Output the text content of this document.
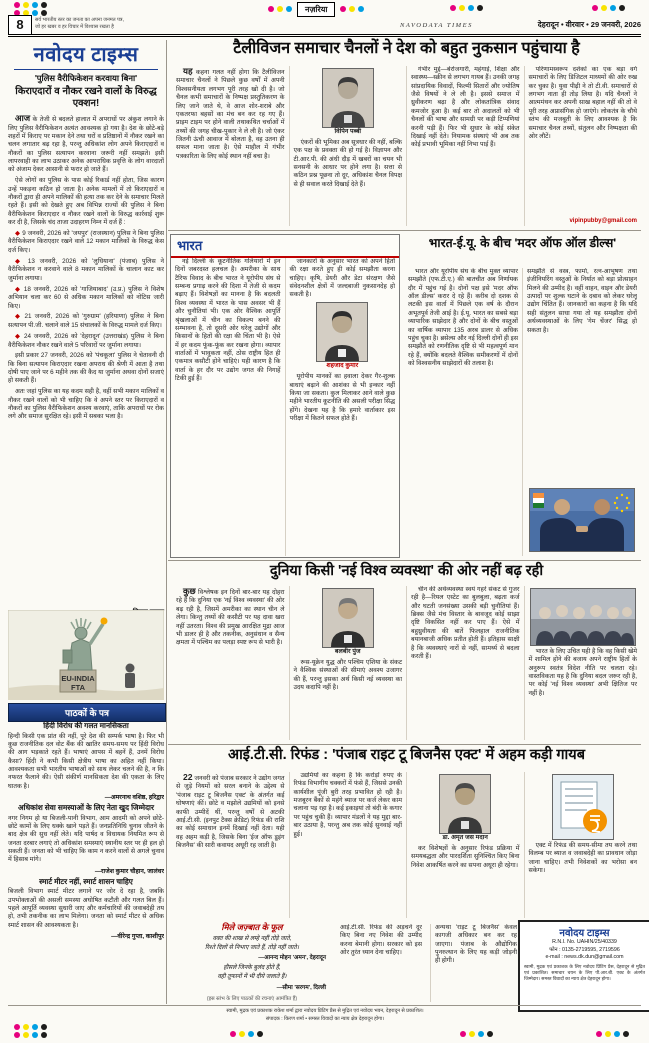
नज़रिया
8	सर्व भारतीय स्तर का जनता का अपना जनमत पत्र,
जो हर खबर व हर विचार में विश्वास रखता है	NAVODAYA TIMES	देहरादून • वीरवार • 29 जनवरी, 2026
नवोदय टाइम्स
'पुलिस वैरीफिकेशन करवाया बिना'
किराएदारों व नौकर रखने वालों के विरुद्ध एक्शन!

आज के तेजी से बदलते हालात में अपराधों पर अंकुश लगाने के लिए पुलिस वैरीफिकेशन अत्यंत आवश्यक हो गया है। देश के छोटे-बड़े शहरों में किराए पर मकान देने तथा घरों व प्रतिष्ठानों में नौकर रखने का चलन लगातार बढ़ रहा है, परन्तु अधिकांश लोग अपने किराएदारों व नौकरों का पुलिस सत्यापन करवाना जरूरी नहीं समझते। इसी लापरवाही का लाभ उठाकर अनेक आपराधिक प्रवृत्ति के लोग वारदातों को अंजाम देकर आसानी से फरार हो जाते हैं।

ऐसे लोगों का पुलिस के पास कोई रिकार्ड नहीं होता, जिस कारण उन्हें पकड़ना कठिन हो जाता है। अनेक मामलों में तो किराएदारों व नौकरों द्वारा ही अपने मालिकों की हत्या तक कर देने के समाचार मिलते रहते हैं। इसी को देखते हुए अब विभिन्न राज्यों की पुलिस ने बिना वैरीफिकेशन किराएदार व नौकर रखने वालों के विरुद्ध कार्रवाई शुरू कर दी है, जिसके चंद ताजा उदाहरण निम्न में दर्ज हैं :

◆ 9 जनवरी, 2026 को 'जयपुर' (राजस्थान) पुलिस ने बिना पुलिस वैरीफिकेशन किराएदार रखने वाले 12 मकान मालिकों के विरुद्ध केस दर्ज किए।

◆ 13 जनवरी, 2026 को 'लुधियाना' (पंजाब) पुलिस ने वैरीफिकेशन न करवाने वाले 8 मकान मालिकों के चालान काट कर जुर्माना लगाया।

◆ 18 जनवरी, 2026 को 'गाजियाबाद' (उ.प्र.) पुलिस ने विशेष अभियान चला कर 60 से अधिक मकान मालिकों को नोटिस जारी किए।

◆ 21 जनवरी, 2026 को 'गुरुग्राम' (हरियाणा) पुलिस ने बिना सत्यापन पी.जी. चलाने वाले 15 संचालकों के विरुद्ध मामले दर्ज किए।

◆ 24 जनवरी, 2026 को 'देहरादून' (उत्तराखंड) पुलिस ने बिना वैरीफिकेशन नौकर रखने वाले 5 परिवारों पर जुर्माना लगाया।

इसी प्रकार 27 जनवरी, 2026 को 'पंचकूला' पुलिस ने चेतावनी दी कि बिना सत्यापन किराएदार रखना अपराध की श्रेणी में आता है तथा दोषी पाए जाने पर 6 महीने तक की कैद या जुर्माना अथवा दोनों सजाएं हो सकती हैं।

अतः जहां पुलिस का यह कदम सही है, वहीं सभी मकान मालिकों व नौकर रखने वालों को भी चाहिए कि वे अपने स्तर पर किराएदारों व नौकरों का पुलिस वैरीफिकेशन अवश्य करवाएं, ताकि अपराधों पर रोक लगे और समाज सुरक्षित रहे। इसी में सबका भला है।

EU-INDIA
FTA
पाठकों के पत्र
हिंदी विरोध की गलत मानसिकता
हिन्दी किसी एक प्रांत की नहीं, पूरे देश की सम्पर्क भाषा है। फिर भी कुछ राजनीतिक दल वोट बैंक की खातिर समय-समय पर हिंदी विरोध की आग भड़काते रहते हैं। भाषाएं आपस में बहनें हैं, उनमें विरोध कैसा? हिंदी ने कभी किसी क्षेत्रीय भाषा का अहित नहीं किया। आवश्यकता सभी भारतीय भाषाओं को साथ लेकर चलने की है, न कि नफरत फैलाने की। ऐसी संकीर्ण मानसिकता देश की एकता के लिए घातक है।
—अमरनाथ वशिष्ठ, हरिद्वार
अधिकांश सेवा समस्याओं के लिए नेता खुद जिम्मेदार
नगर निगम हो या बिजली-पानी विभाग, आम आदमी को अपने छोटे-छोटे कामों के लिए धक्के खाने पड़ते हैं। जनप्रतिनिधि चुनाव जीतने के बाद क्षेत्र की सुध नहीं लेते। यदि पार्षद व विधायक नियमित रूप से जनता दरबार लगाएं तो अधिकांश समस्याएं स्थानीय स्तर पर ही हल हो सकती हैं। जनता को भी चाहिए कि काम न करने वालों से अगले चुनाव में हिसाब मांगे।
—राजेश कुमार चौहान, जालंधर
स्मार्ट मीटर नहीं, स्मार्ट शासन चाहिए
बिजली विभाग स्मार्ट मीटर लगाने पर जोर दे रहा है, जबकि उपभोक्ताओं की असली समस्या अघोषित कटौती और गलत बिल हैं। पहले आपूर्ति व्यवस्था सुधारी जाए और कर्मचारियों की जवाबदेही तय हो, तभी तकनीक का लाभ मिलेगा। जनता को स्मार्ट मीटर से अधिक स्मार्ट शासन की आवश्यकता है।
—वीरेन्द्र गुप्ता, काशीपुर
टैलीविजन समाचार चैनलों ने देश को बहुत नुकसान पहुंचाया है

यह कहना गलत नहीं होगा कि टैलीविजन समाचार चैनलों ने पिछले कुछ वर्षों में अपनी विश्वसनीयता लगभग पूरी तरह खो दी है। जो चैनल कभी समाचारों के निष्पक्ष प्रस्तुतिकरण के लिए जाने जाते थे, वे आज शोर-शराबे और एकतरफा बहसों का मंच बन कर रह गए हैं। प्राइम टाइम पर होने वाली तथाकथित चर्चाओं में तथ्यों की जगह चीख-पुकार ने ले ली है। जो एंकर जितनी ऊंची आवाज में बोलता है, वह उतना ही सफल माना जाता है। ऐसे माहौल में गंभीर पत्रकारिता के लिए कोई स्थान नहीं बचा है।

विपिन पब्बी

एंकरों की भूमिका अब सूत्रधार की नहीं, बल्कि एक पक्ष के प्रवक्ता की हो गई है। विज्ञापन और टी.आर.पी. की अंधी दौड़ में खबरों का चयन भी सनसनी के आधार पर होने लगा है। सत्ता से कठिन प्रश्न पूछना तो दूर, अधिकांश चैनल विपक्ष से ही सवाल करते दिखाई देते हैं।

गंभीर मुद्दे—बेरोजगारी, महंगाई, शिक्षा और स्वास्थ्य—स्क्रीन से लगभग गायब हैं। उनकी जगह सांप्रदायिक विवादों, फिल्मी सितारों और ज्योतिष जैसे विषयों ने ले ली है। इससे समाज में ध्रुवीकरण बढ़ा है और लोकतांत्रिक संवाद कमजोर हुआ है। कई बार तो अदालतों को भी चैनलों की भाषा और सामग्री पर कड़ी टिप्पणियां करनी पड़ी हैं। फिर भी सुधार के कोई संकेत दिखाई नहीं देते। नियामक संस्थाएं भी अब तक कोई प्रभावी भूमिका नहीं निभा पाई हैं।

परिणामस्वरूप दर्शकों का एक बड़ा वर्ग समाचारों के लिए डिजिटल माध्यमों की ओर रुख कर चुका है। युवा पीढ़ी ने तो टी.वी. समाचारों से लगभग नाता ही तोड़ लिया है। यदि चैनलों ने आत्ममंथन कर अपनी साख बहाल नहीं की तो वे पूरी तरह अप्रासंगिक हो जाएंगे। लोकतंत्र के चौथे स्तंभ की मजबूती के लिए आवश्यक है कि समाचार चैनल तथ्यों, संतुलन और निष्पक्षता की ओर लौटें।

vipinpubby@gmail.com
भारत

नई दिल्ली के कूटनीतिक गलियारों में इन दिनों जबरदस्त हलचल है। अमरीका के साथ टैरिफ विवाद के बीच भारत ने यूरोपीय संघ से सम्बन्ध प्रगाढ़ करने की दिशा में तेजी से कदम बढ़ाए हैं। विशेषज्ञों का मानना है कि बदलती विश्व व्यवस्था में भारत के पास अवसर भी हैं और चुनौतियां भी। एक ओर वैश्विक आपूर्ति श्रृंखलाओं में चीन का विकल्प बनने की सम्भावना है, तो दूसरी ओर घरेलू उद्योगों और किसानों के हितों की रक्षा की चिंता भी है। ऐसे में हर कदम फूंक-फूंक कर रखना होगा। व्यापार वार्ताओं में भावुकता नहीं, ठोस राष्ट्रीय हित ही एकमात्र कसौटी होने चाहिएं। यही कारण है कि वार्ता के हर दौर पर उद्योग जगत की निगाहें टिकी हुई हैं।

जानकारों के अनुसार भारत को अपने हितों की रक्षा करते हुए ही कोई समझौता करना चाहिए। कृषि, डेयरी और डेटा संरक्षण जैसे संवेदनशील क्षेत्रों में जल्दबाजी नुकसानदेह हो सकती है।

शहजाद कुमार

यूरोपीय मानकों का हवाला देकर गैर-शुल्क बाधाएं बढ़ाने की आशंका से भी इन्कार नहीं किया जा सकता। कुल मिलाकर आने वाले कुछ महीने भारतीय कूटनीति की असली परीक्षा सिद्ध होंगे। देखना यह है कि हमारे वार्ताकार इस परीक्षा में कितने सफल होते हैं।

भारत-ई.यू. के बीच 'मदर ऑफ ऑल डील्स'

भारत और यूरोपीय संघ के बीच मुक्त व्यापार समझौते (एफ.टी.ए.) की बातचीत अब निर्णायक दौर में पहुंच गई है। दोनों पक्ष इसे 'मदर ऑफ ऑल डील्स' करार दे रहे हैं। करीब दो दशक से लटकी इस वार्ता में पिछले एक वर्ष के दौरान अभूतपूर्व तेजी आई है। ई.यू. भारत का सबसे बड़ा व्यापारिक साझेदार है और दोनों के बीच वस्तुओं का वार्षिक व्यापार 135 अरब डालर से अधिक पहुंच चुका है। ब्रसेल्स और नई दिल्ली दोनों ही इस समझौते को रणनीतिक दृष्टि से भी महत्वपूर्ण मान रहे हैं, क्योंकि बदलते वैश्विक समीकरणों में दोनों को विश्वसनीय साझेदारों की तलाश है।

समझौते से वस्त्र, फार्मा, रत्न-आभूषण तथा इंजीनियरिंग वस्तुओं के निर्यात को बड़ा प्रोत्साहन मिलने की उम्मीद है। वहीं वाहन, वाइन और डेयरी उत्पादों पर शुल्क घटाने के दबाव को लेकर घरेलू उद्योग चिंतित हैं। जानकारों का कहना है कि यदि सही संतुलन साधा गया तो यह समझौता दोनों अर्थव्यवस्थाओं के लिए 'गेम चेंजर' सिद्ध हो सकता है।
दुनिया किसी 'नई विश्व व्यवस्था' की ओर नहीं बढ़ रही

कुछ विश्लेषक इन दिनों बार-बार यह दोहरा रहे हैं कि दुनिया एक 'नई विश्व व्यवस्था' की ओर बढ़ रही है, जिसमें अमरीका का स्थान चीन ले लेगा। किन्तु तथ्यों की कसौटी पर यह दावा खरा नहीं उतरता। विश्व की प्रमुख आरक्षित मुद्रा आज भी डालर ही है और तकनीक, अनुसंधान व सैन्य क्षमता में पश्चिम का पलड़ा स्पष्ट रूप से भारी है।

बलबीर पुंज

रूस-यूक्रेन युद्ध और पश्चिम एशिया के संकट ने वैश्विक संस्थाओं की सीमाएं अवश्य उजागर की हैं, परन्तु इसका अर्थ किसी नई व्यवस्था का उदय कदापि नहीं है।

चीन की अर्थव्यवस्था स्वयं गहरे संकट से गुजर रही है—रियल एस्टेट का बुलबुला, बढ़ता कर्ज और घटती जनसंख्या उसकी बड़ी चुनौतियां हैं। ब्रिक्स जैसे मंच विस्तार के बावजूद कोई साझा दृष्टि विकसित नहीं कर पाए हैं। ऐसे में बहुध्रुवीयता की बातें फिलहाल राजनीतिक बयानबाजी अधिक प्रतीत होती हैं। इतिहास साक्षी है कि व्यवस्थाएं नारों से नहीं, सामर्थ्य से बदला करती हैं।

भारत के लिए उचित यही है कि वह किसी खेमे में शामिल होने की बजाय अपने राष्ट्रीय हितों के अनुरूप स्वतंत्र विदेश नीति पर चलता रहे। वास्तविकता यह है कि दुनिया बदल जरूर रही है, पर कोई 'नई विश्व व्यवस्था' अभी क्षितिज पर नहीं है।

आई.टी.सी. रिफंड : 'पंजाब राइट टू बिजनैस एक्ट' में अहम कड़ी गायब

22 जनवरी को पंजाब सरकार ने उद्योग जगत से जुड़े नियमों को सरल बनाने के उद्देश्य से 'पंजाब राइट टू बिजनैस एक्ट' के अंतर्गत कई घोषणाएं कीं। छोटे व मझोले उद्यमियों को इनसे काफी उम्मीदें थीं, परन्तु वर्षों से अटकी आई.टी.सी. (इनपुट टैक्स क्रेडिट) रिफंड की राशि का कोई समाधान इनमें दिखाई नहीं देता। यही वह अहम कड़ी है, जिसके बिना 'ईज ऑफ डूइंग बिजनैस' की सारी कवायद अधूरी रह जाती है।

उद्यमियों का कहना है कि करोड़ों रुपए के रिफंड विभागीय चक्करों में फंसे हैं, जिससे उनकी कार्यशील पूंजी बुरी तरह प्रभावित हो रही है। मजबूरन बैंकों से महंगे ब्याज पर कर्ज लेकर काम चलाना पड़ रहा है। कई इकाइयां तो बंदी के कगार पर पहुंच चुकी हैं। व्यापार मंडलों ने यह मुद्दा बार-बार उठाया है, परन्तु अब तक कोई सुनवाई नहीं हुई।	डा. अमृत जस मदान

कर विशेषज्ञों के अनुसार रिफंड प्रक्रिया में समयबद्धता और पारदर्शिता सुनिश्चित किए बिना निवेश आकर्षित करने का सपना अधूरा ही रहेगा।

एक्ट में रिफंड की समय-सीमा तय करने तथा विलम्ब पर ब्याज व जवाबदेही का प्रावधान जोड़ा जाना चाहिए। तभी निवेशकों का भरोसा बन सकेगा।

मिले जज़्बात के फूल
वक्त की शाख से लम्हे नहीं तोड़े जाते,
रिश्ते दिलों से निभाए जाते हैं, तोड़े नहीं जाते।
—आनन्द मोहन 'अमन', देहरादून
हौसले जिनके बुलंद होते हैं,
वही तूफानों में भी दीये जलाते हैं।
—सीमा 'सरगम', दिल्ली
(इस स्तंभ के लिए पाठकों की रचनाएं आमंत्रित हैं)
आई.टी.सी. रिफंड की अड़चनें दूर किए बिना नए निवेश की उम्मीद करना बेमानी होगा। सरकार को इस ओर तुरंत ध्यान देना चाहिए।
अन्यथा 'राइट टू बिजनैस' केवल कागजी अधिकार बन कर रह जाएगा। पंजाब के औद्योगिक पुनरुत्थान के लिए यह कड़ी जोड़नी ही होगी।
नवोदय टाइम्स
R.N.I. No. UAHIN/25/40339
फोन : 0135-2719595, 2719596
e-mail : news.dk.dun@gmail.com
स्वामी, मुद्रक एवं प्रकाशक के लिए नवोदय प्रिंटिंग प्रैस, देहरादून से मुद्रित एवं प्रकाशित। समाचार चयन के लिए पी.आर.बी. एक्ट के अंतर्गत जिम्मेदार। समस्त विवादों का न्याय क्षेत्र देहरादून होगा।
स्वामी, मुद्रक एवं प्रकाशक राकेश शर्मा द्वारा नवोदय प्रिंटिंग प्रैस से मुद्रित एवं नवोदय भवन, देहरादून से प्रकाशित।
संपादक : किरण शर्मा • समस्त विवादों का न्याय क्षेत्र देहरादून होगा।
